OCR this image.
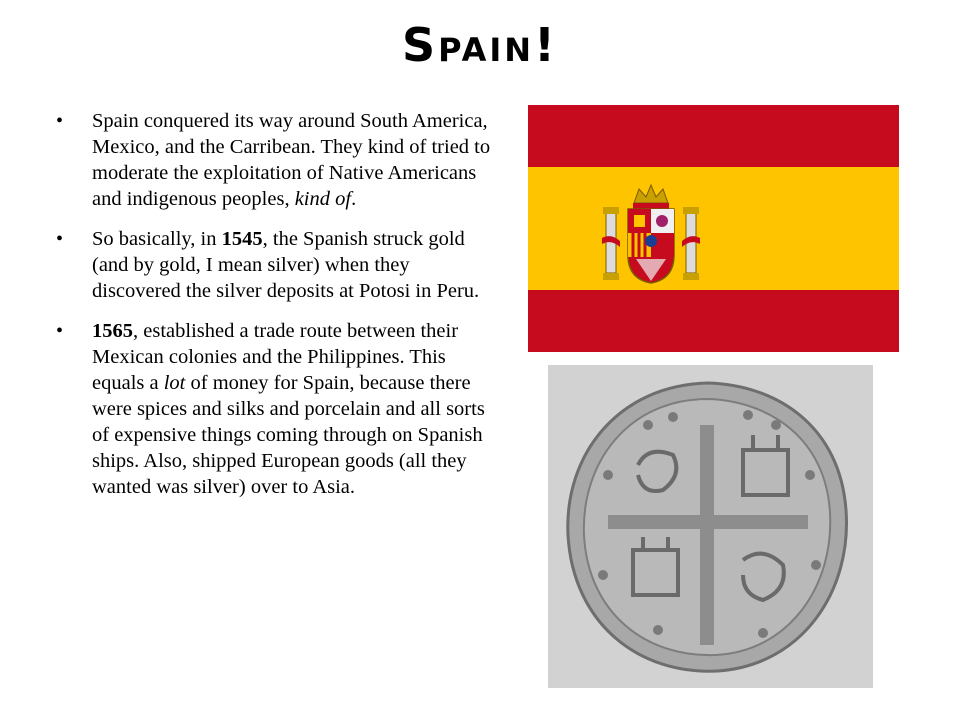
Spain!
• Spain conquered its way around South America, Mexico, and the Carribean. They kind of tried to moderate the exploitation of Native Americans and indigenous peoples, kind of.
• So basically, in 1545, the Spanish struck gold (and by gold, I mean silver) when they discovered the silver deposits at Potosi in Peru.
• 1565, established a trade route between their Mexican colonies and the Philippines. This equals a lot of money for Spain, because there were spices and silks and porcelain and all sorts of expensive things coming through on Spanish ships. Also, shipped European goods (all they wanted was silver) over to Asia.
